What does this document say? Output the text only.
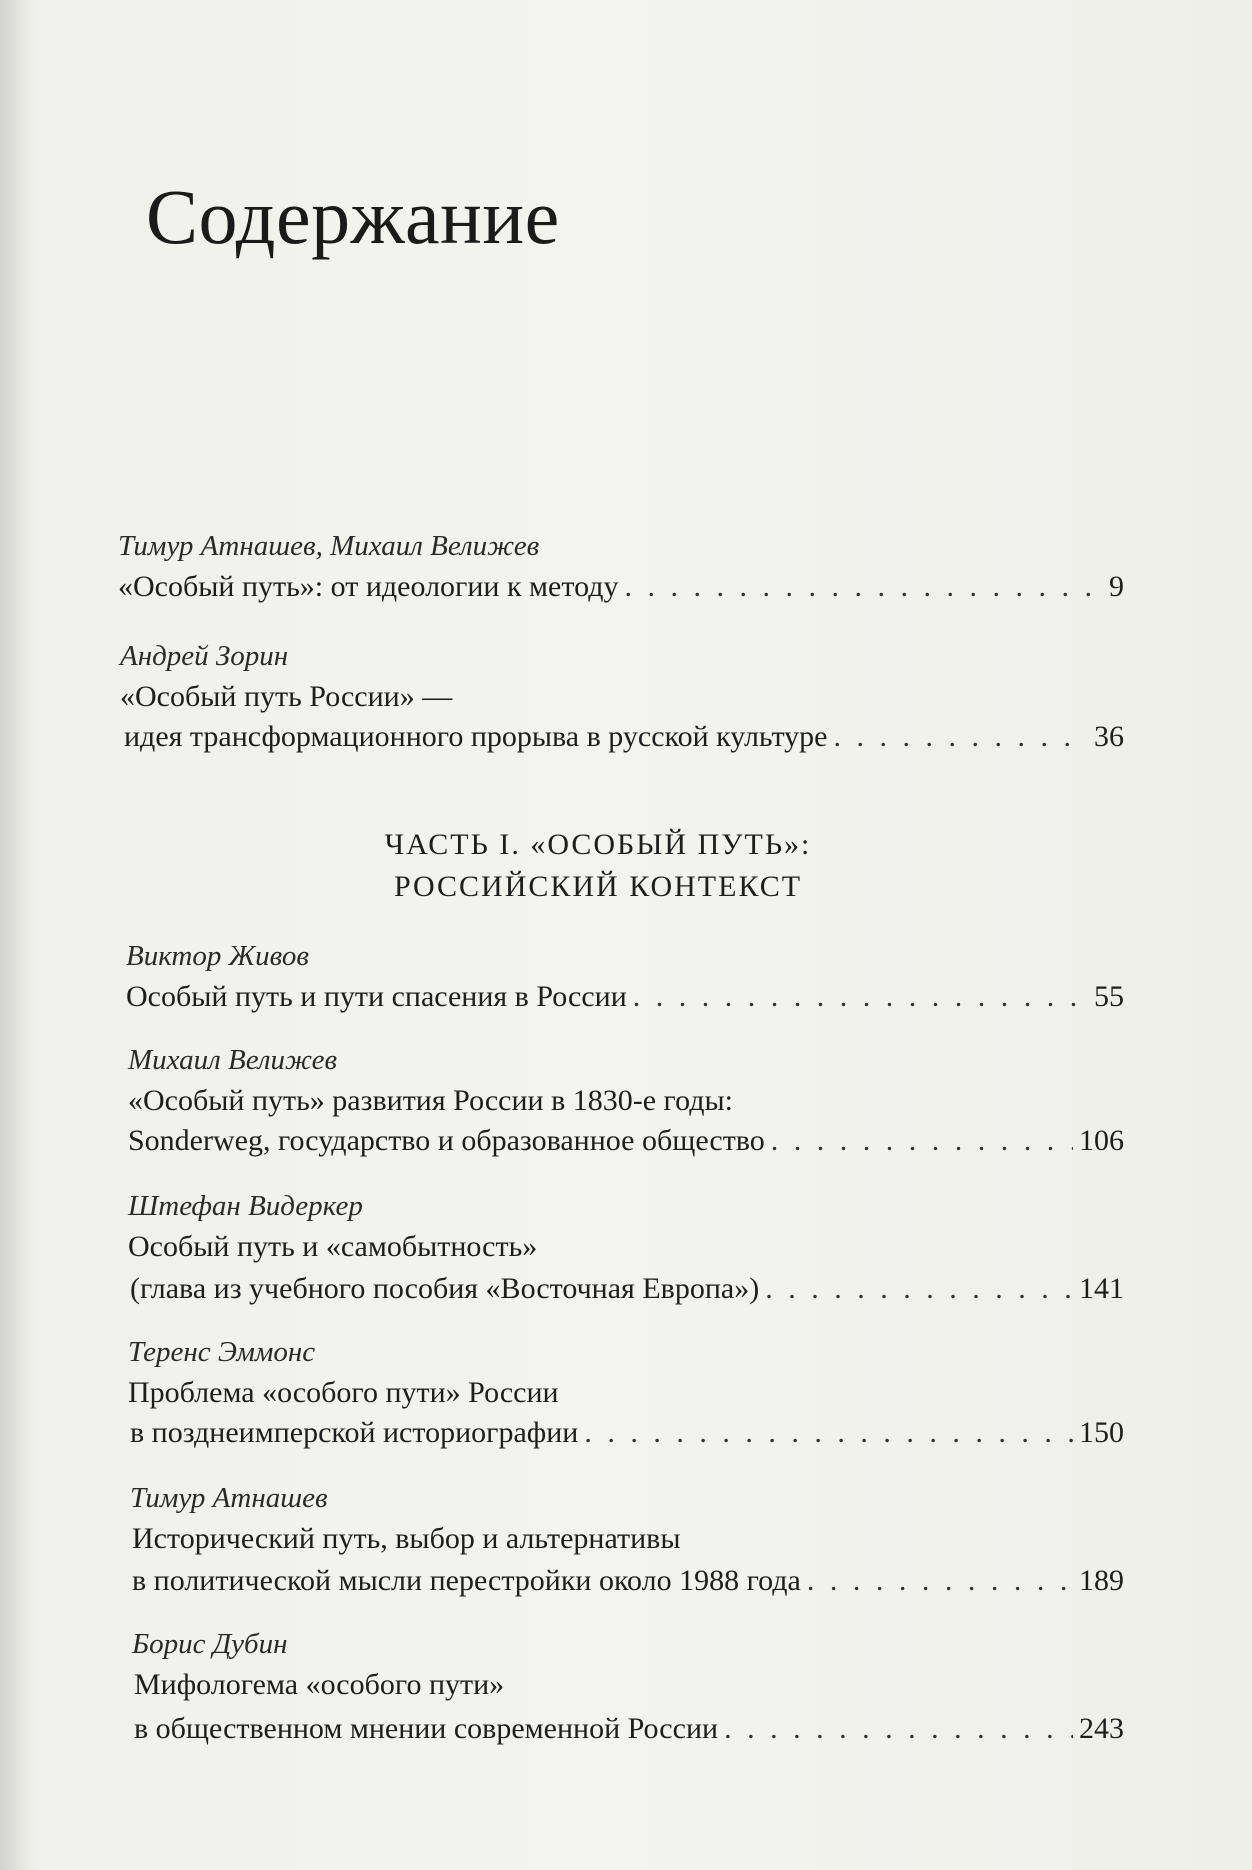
Содержание
Тимур Атнашев, Михаил Велижев
«Особый путь»: от идеологии к методу . . .	9
Андрей Зорин
«Особый путь России» —
идея трансформационного прорыва в русской культуре . . .	36
ЧАСТЬ I. «ОСОБЫЙ ПУТЬ»:
РОССИЙСКИЙ КОНТЕКСТ
Виктор Живов
Особый путь и пути спасения в России . . .	55
Михаил Велижев
«Особый путь» развития России в 1830-е годы:
Sonderweg, государство и образованное общество . . .	106
Штефан Видеркер
Особый путь и «самобытность»
(глава из учебного пособия «Восточная Европа») . . .	141
Теренс Эммонс
Проблема «особого пути» России
в позднеимперской историографии . . .	150
Тимур Атнашев
Исторический путь, выбор и альтернативы
в политической мысли перестройки около 1988 года . . .	189
Борис Дубин
Мифологема «особого пути»
в общественном мнении современной России . . .	243
